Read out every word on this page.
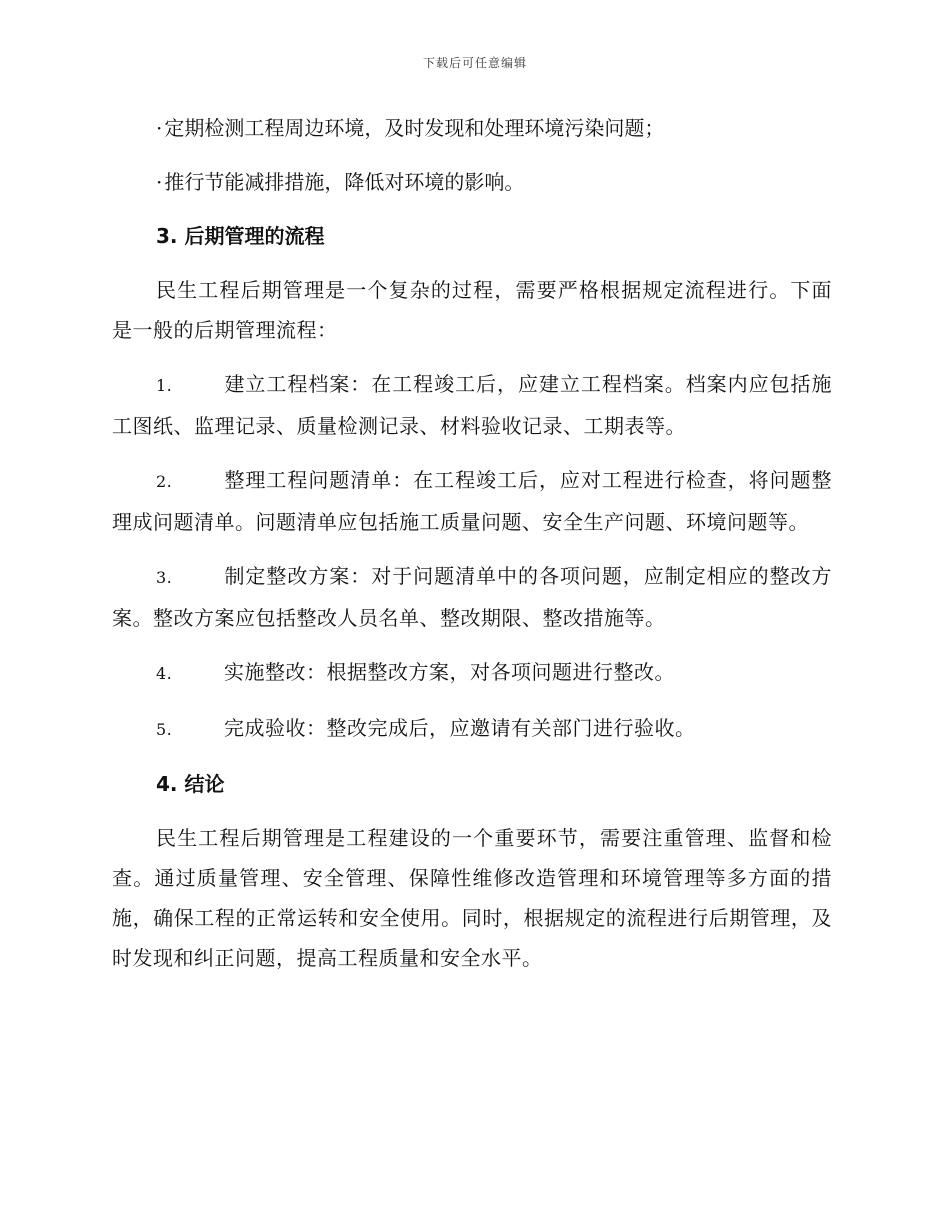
下载后可任意编辑

· 定期检测工程周边环境，及时发现和处理环境污染问题；

· 推行节能减排措施，降低对环境的影响。

3. 后期管理的流程

民生工程后期管理是一个复杂的过程，需要严格根据规定流程进行。下面是一般的后期管理流程：

1.	建立工程档案：在工程竣工后，应建立工程档案。档案内应包括施工图纸、监理记录、质量检测记录、材料验收记录、工期表等。

2.	整理工程问题清单：在工程竣工后，应对工程进行检查，将问题整理成问题清单。问题清单应包括施工质量问题、安全生产问题、环境问题等。

3.	制定整改方案：对于问题清单中的各项问题，应制定相应的整改方案。整改方案应包括整改人员名单、整改期限、整改措施等。

4.	实施整改：根据整改方案，对各项问题进行整改。

5.	完成验收：整改完成后，应邀请有关部门进行验收。

4. 结论

民生工程后期管理是工程建设的一个重要环节，需要注重管理、监督和检查。通过质量管理、安全管理、保障性维修改造管理和环境管理等多方面的措施，确保工程的正常运转和安全使用。同时，根据规定的流程进行后期管理，及时发现和纠正问题，提高工程质量和安全水平。
